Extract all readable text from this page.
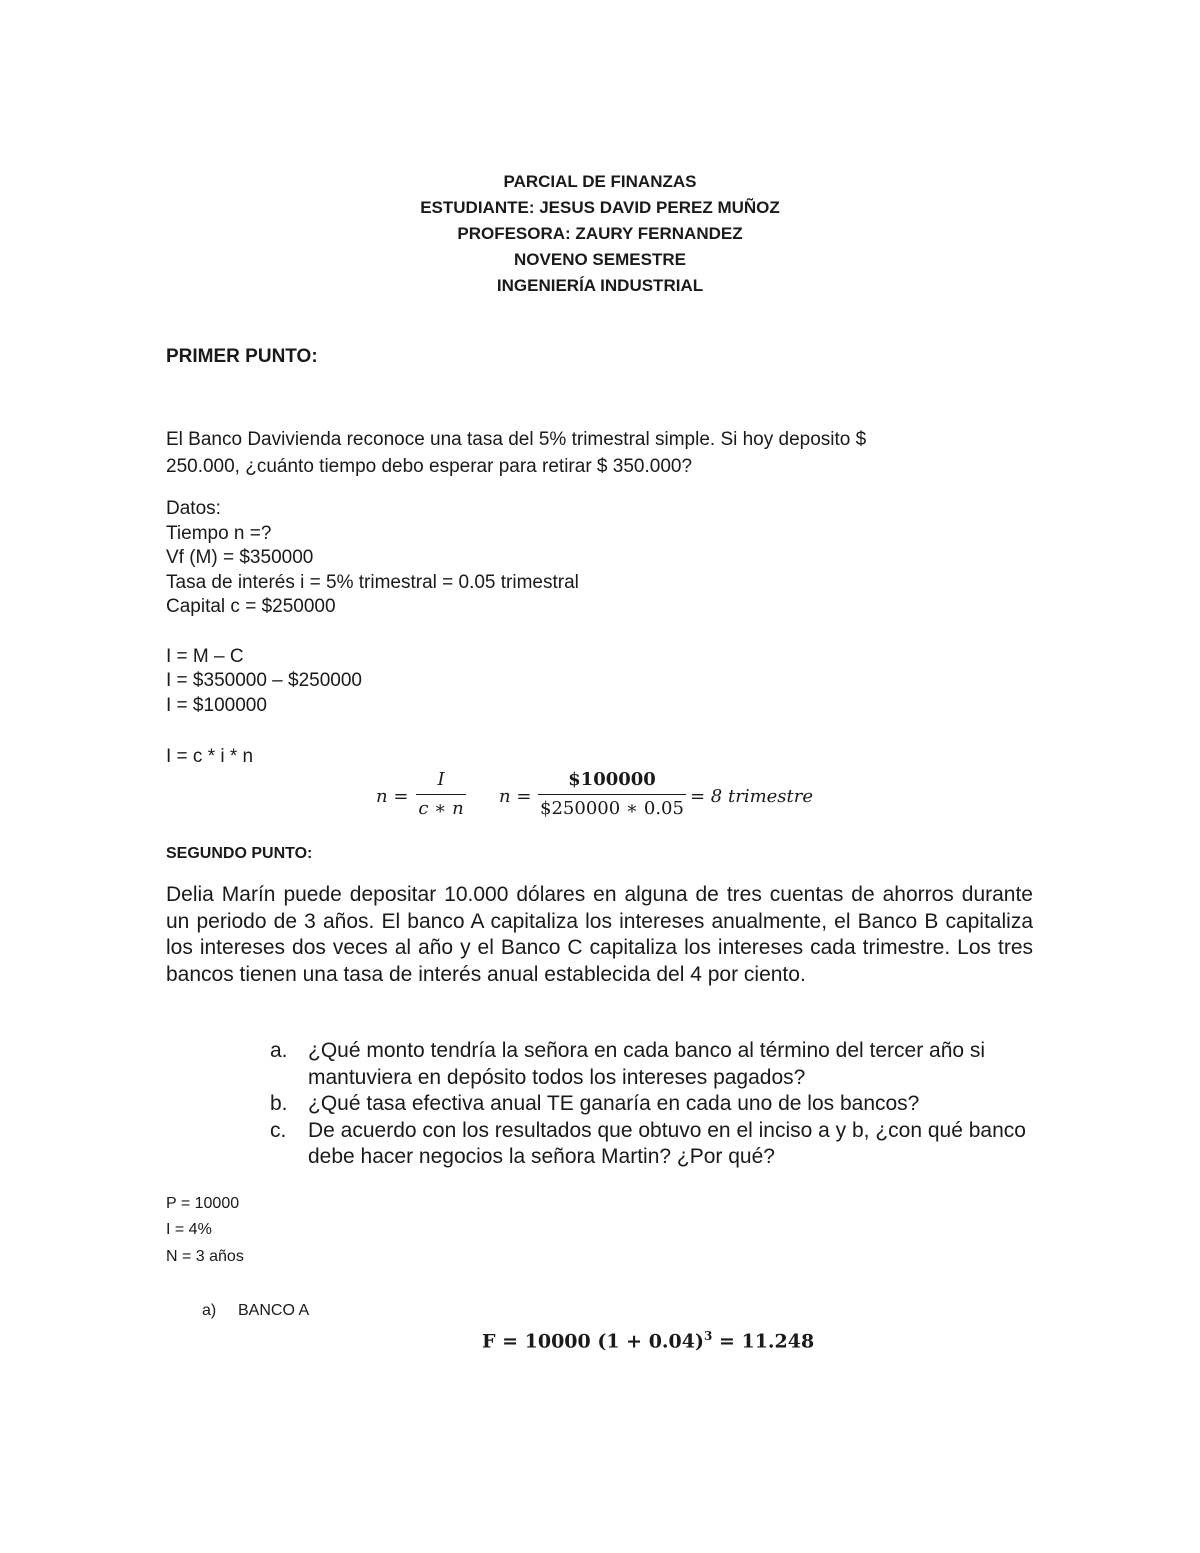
PARCIAL DE FINANZAS
ESTUDIANTE: JESUS DAVID PEREZ MUÑOZ
PROFESORA: ZAURY FERNANDEZ
NOVENO SEMESTRE
INGENIERÍA INDUSTRIAL
PRIMER PUNTO:
El Banco Davivienda reconoce una tasa del 5% trimestral simple. Si hoy deposito $
250.000, ¿cuánto tiempo debo esperar para retirar $ 350.000?
Datos:
Tiempo n =?
Vf (M) = $350000
Tasa de interés i = 5% trimestral = 0.05 trimestral
Capital c = $250000
I = M – C
I = $350000 – $250000
I = $100000
I = c * i * n
n =
I
c ∗ n
n =
$100000
$250000 ∗ 0.05
= 8 trimestre
SEGUNDO PUNTO:

Delia Marín puede depositar 10.000 dólares en alguna de tres cuentas de ahorros durante un periodo de 3 años. El banco A capitaliza los intereses anualmente, el Banco B capitaliza los intereses dos veces al año y el Banco C capitaliza los intereses cada trimestre. Los tres bancos tienen una tasa de interés anual establecida del 4 por ciento.

a. ¿Qué monto tendría la señora en cada banco al término del tercer año si mantuviera en depósito todos los intereses pagados?
b. ¿Qué tasa efectiva anual TE ganaría en cada uno de los bancos?
c. De acuerdo con los resultados que obtuvo en el inciso a y b, ¿con qué banco debe hacer negocios la señora Martin? ¿Por qué?
P = 10000
I = 4%
N = 3 años
a) BANCO A
F = 10000 $(1 + 0.04)^3 = 11.248$
